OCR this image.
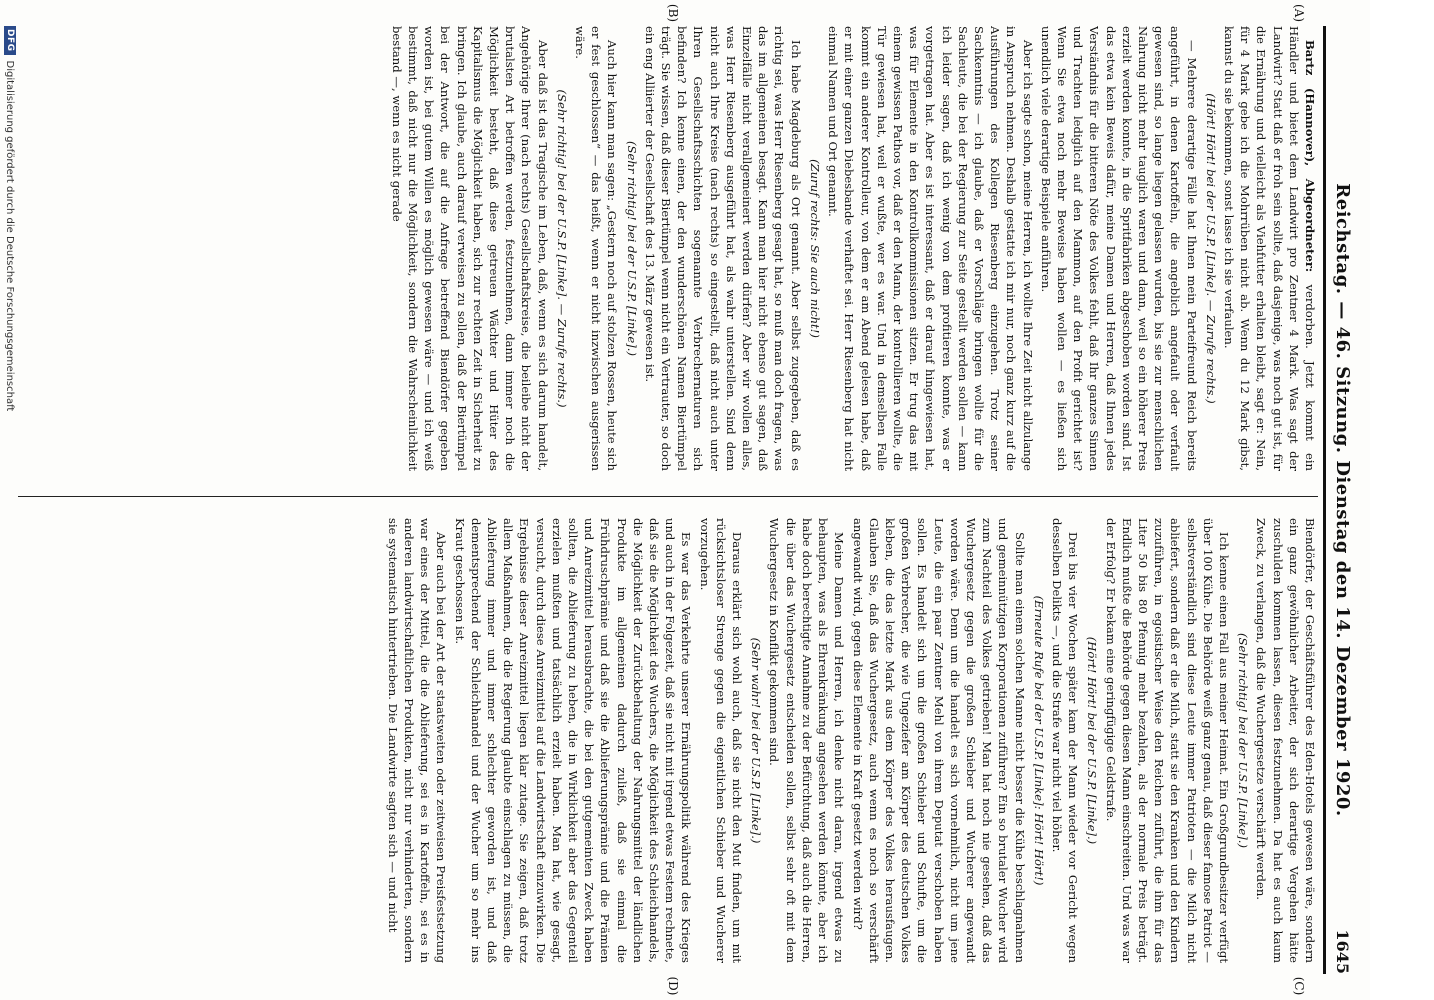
Reichstag. — 46. Sitzung. Dienstag den 14. Dezember 1920.
1645
(A)
(B)
(C)
(D)

Bartz (Hannover), Abgeordneter: verdorben. Jetzt kommt ein Händler und bietet dem Landwirt pro Zentner 4 Mark. Was sagt der Landwirt? Statt daß er froh sein sollte, daß dasjenige, was noch gut ist, für die Ernährung und vielleicht als Viehfutter erhalten bleibt, sagt er: Nein, für 4 Mark gebe ich die Mohrrüben nicht ab. Wenn du 12 Mark gibst, kannst du sie bekommen, sonst lasse ich sie verfaulen.

(Hört! Hört! bei der U.S.P. [Linke]. — Zurufe rechts.)

— Mehrere derartige Fälle hat Ihnen mein Parteifreund Reich bereits angeführt, in denen Kartoffeln, die angeblich angefault oder verfault gewesen sind, so lange liegen gelassen wurden, bis sie zur menschlichen Nahrung nicht mehr tauglich waren und dann, weil so ein höherer Preis erzielt werden konnte, in die Spritfabriken abgeschoben worden sind. Ist das etwa kein Beweis dafür, meine Damen und Herren, daß Ihnen jedes Verständnis für die bitteren Nöte des Volkes fehlt, daß Ihr ganzes Sinnen und Trachten lediglich auf den Mammon, auf den Profit gerichtet ist? Wenn Sie etwa noch mehr Beweise haben wollen — es ließen sich unendlich viele derartige Beispiele anführen.

Aber ich sagte schon, meine Herren, ich wollte Ihre Zeit nicht allzulange in Anspruch nehmen. Deshalb gestatte ich mir nur, noch ganz kurz auf die Ausführungen des Kollegen Riesenberg einzugehen. Trotz seiner Sachkenntnis — ich glaube, daß er Vorschläge bringen wollte für die Sachleute, die bei der Regierung zur Seite gestellt werden sollen — kann ich leider sagen, daß ich wenig von dem profitieren konnte, was er vorgetragen hat. Aber es ist interessant, daß er darauf hingewiesen hat, was für Elemente in den Kontrollkommissionen sitzen. Er trug das mit einem gewissen Pathos vor, daß er den Mann, der kontrollieren wollte, die Tür gewiesen hat, weil er wußte, wer es war. Und in demselben Falle kommt ein anderer Kontrolleur, von dem er am Abend gelesen habe, daß er mit einer ganzen Diebesbande verhaftet sei. Herr Riesenberg hat nicht einmal Namen und Ort genannt.

(Zuruf rechts: Sie auch nicht!)

Ich habe Magdeburg als Ort genannt. Aber selbst zugegeben, daß es richtig sei, was Herr Riesenberg gesagt hat, so muß man doch fragen, was das im allgemeinen besagt. Kann man hier nicht ebenso gut sagen, daß Einzelfälle nicht verallgemeinert werden dürfen? Aber wir wollen alles, was Herr Riesenberg ausgeführt hat, als wahr unterstellen. Sind denn nicht auch Ihre Kreise (nach rechts) so eingestellt, daß nicht auch unter Ihren Gesellschaftsschichten sogenannte Verbrechernaturen sich befinden? Ich kenne einen, der den wunderschönen Namen Biertümpel trägt. Sie wissen, daß dieser Biertümpel wenn nicht ein Vertrauter, so doch ein eng Alliierter der Gesellschaft des 13. März gewesen ist.

(Sehr richtig! bei der U.S.P. [Linke].)

Auch hier kann man sagen: „Gestern noch auf stolzen Rossen, heute sich er fest geschlossen“ — das heißt, wenn er nicht inzwischen ausgerissen wäre.

(Sehr richtig! bei der U.S.P. [Linke]. — Zurufe rechts.)

Aber daß ist das Tragische im Leben, daß, wenn es sich darum handelt, Angehörige Ihrer (nach rechts) Gesellschaftskreise, die beileibe nicht der brutalsten Art betroffen werden, festzunehmen, dann immer noch die Möglichkeit besteht, daß diese getreuen Wächter und Hüter des Kapitalismus die Möglichkeit haben, sich zur rechten Zeit in Sicherheit zu bringen. Ich glaube, auch darauf verweisen zu sollen, daß der Biertümpel bei der Antwort, die auf die Anfrage betreffend Biendörfer gegeben worden ist, bei gutem Willen es möglich gewesen wäre — und ich weiß bestimmt, daß nicht nur die Möglichkeit, sondern die Wahrscheinlichkeit bestand —, wenn es nicht gerade

Biendörfer, der Geschäftsführer des Eden-Hotels gewesen wäre, sondern ein ganz gewöhnlicher Arbeiter, der sich derartige Vergehen hätte zuschulden kommen lassen, diesen festzunehmen. Da hat es auch kaum Zweck, zu verlangen, daß die Wuchergesetze verschärft werden.

(Sehr richtig! bei der U.S.P. [Linke].)

Ich kenne einen Fall aus meiner Heimat. Ein Großgrundbesitzer verfügt über 100 Kühe. Die Behörde weiß ganz genau, daß dieser famose Patriot — selbstverständlich sind diese Leute immer Patrioten — die Milch nicht abliefert, sondern daß er die Milch, statt sie den Kranken und den Kindern zuzuführen, in egoistischer Weise den Reichen zuführt, die ihm für das Liter 50 bis 80 Pfennig mehr bezahlen, als der normale Preis beträgt. Endlich mußte die Behörde gegen diesen Mann einschreiten. Und was war der Erfolg? Er bekam eine geringfügige Geldstrafe.

(Hört! Hört! bei der U.S.P. [Linke].)

Drei bis vier Wochen später kam der Mann wieder vor Gericht wegen desselben Delikts —, und die Strafe war nicht viel höher.

(Erneute Rufe bei der U.S.P. [Linke]: Hört! Hört!)

Sollte man einem solchen Manne nicht besser die Kühe beschlagnahmen und gemeinnützigen Korporationen zuführen? Ein so brutaler Wucher wird zum Nachteil des Volkes getrieben! Man hat noch nie gesehen, daß das Wuchergesetz gegen die großen Schieber und Wucherer angewandt worden wäre. Denn um die handelt es sich vornehmlich, nicht um jene Leute, die ein paar Zentner Mehl von ihrem Deputat verschoben haben sollen. Es handelt sich um die großen Schieber und Schufte, um die großen Verbrecher, die wie Ungeziefer am Körper des deutschen Volkes kleben, die das letzte Mark aus dem Körper des Volkes herausfaugen. Glauben Sie, daß das Wuchergesetz, auch wenn es noch so verschärft angewandt wird, gegen diese Elemente in Kraft gesetzt werden wird?

Meine Damen und Herren, ich denke nicht daran, irgend etwas zu behaupten, was als Ehrenkränkung angesehen werden könnte, aber ich habe doch berechtigte Annahme zu der Befürchtung, daß auch die Herren, die über das Wuchergesetz entscheiden sollen, selbst sehr oft mit dem Wuchergesetz in Konflikt gekommen sind.

(Sehr wahr! bei der U.S.P. [Linke].)

Daraus erklärt sich wohl auch, daß sie nicht den Mut finden, um mit rücksichtsloser Strenge gegen die eigentlichen Schieber und Wucherer vorzugehen.

Es war das Verkehrte unserer Ernährungspolitik während des Krieges und auch in der Folgezeit, daß sie nicht mit irgend etwas Festem rechnete, daß sie die Möglichkeit des Wuchers, die Möglichkeit des Schleichhandels, die Möglichkeit der Zurückbehaltung der Nahrungsmittel der ländlichen Produkte im allgemeinen dadurch zuließ, daß sie einmal die Frühdruschprämie und daß sie die Ablieferungsprämie und die Prämien und Anreizmittel herausbrachte, die bei den gutgemeinten Zweck haben sollten, die Ablieferung zu heben, die in Wirklichkeit aber das Gegenteil erzielen mußten und tatsächlich erzielt haben. Man hat, wie gesagt, versucht, durch diese Anreizmittel auf die Landwirtschaft einzuwirken. Die Ergebnisse dieser Anreizmittel liegen klar zutage. Sie zeigen, daß trotz allem Maßnahmen, die die Regierung glaubte einschlagen zu müssen, die Ablieferung immer und immer schlechter geworden ist, und daß dementsprechend der Schleichhandel und der Wucher um so mehr ins Kraut geschossen ist.

Aber auch bei der Art der staatsweiten oder zeitweisen Preisfestsetzung war eines der Mittel, die die Ablieferung, sei es in Kartoffeln, sei es in anderen landwirtschaftlichen Produkten, nicht nur verhinderten, sondern sie systematisch hintertrieben. Die Landwirte sagten sich — und nicht

DFG
Digitalisierung gefördert durch die Deutsche Forschungsgemeinschaft
